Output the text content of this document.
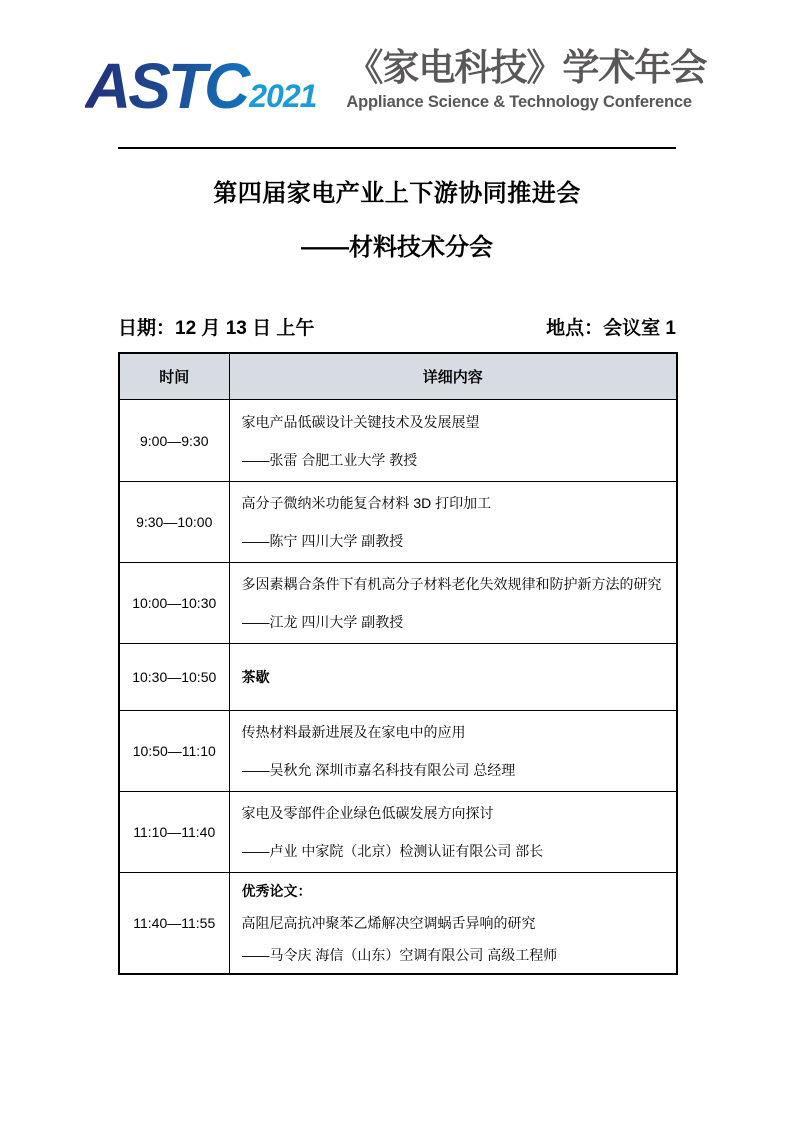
ASTC 2021
《家电科技》学术年会
Appliance Science & Technology Conference
第四届家电产业上下游协同推进会
——材料技术分会
日期：12 月 13 日 上午	地点：会议室 1
时间	详细内容
9:00—9:30	家电产品低碳设计关键技术及发展展望
——张雷 合肥工业大学 教授

9:30—10:00	高分子微纳米功能复合材料 3D 打印加工
——陈宁 四川大学 副教授

10:00—10:30	多因素耦合条件下有机高分子材料老化失效规律和防护新方法的研究
——江龙 四川大学 副教授

10:30—10:50	茶歇

10:50—11:10	传热材料最新进展及在家电中的应用
——吴秋允 深圳市嘉名科技有限公司 总经理

11:10—11:40	家电及零部件企业绿色低碳发展方向探讨
——卢业 中家院（北京）检测认证有限公司 部长

11:40—11:55	优秀论文：
高阻尼高抗冲聚苯乙烯解决空调蜗舌异响的研究
——马令庆 海信（山东）空调有限公司 高级工程师
